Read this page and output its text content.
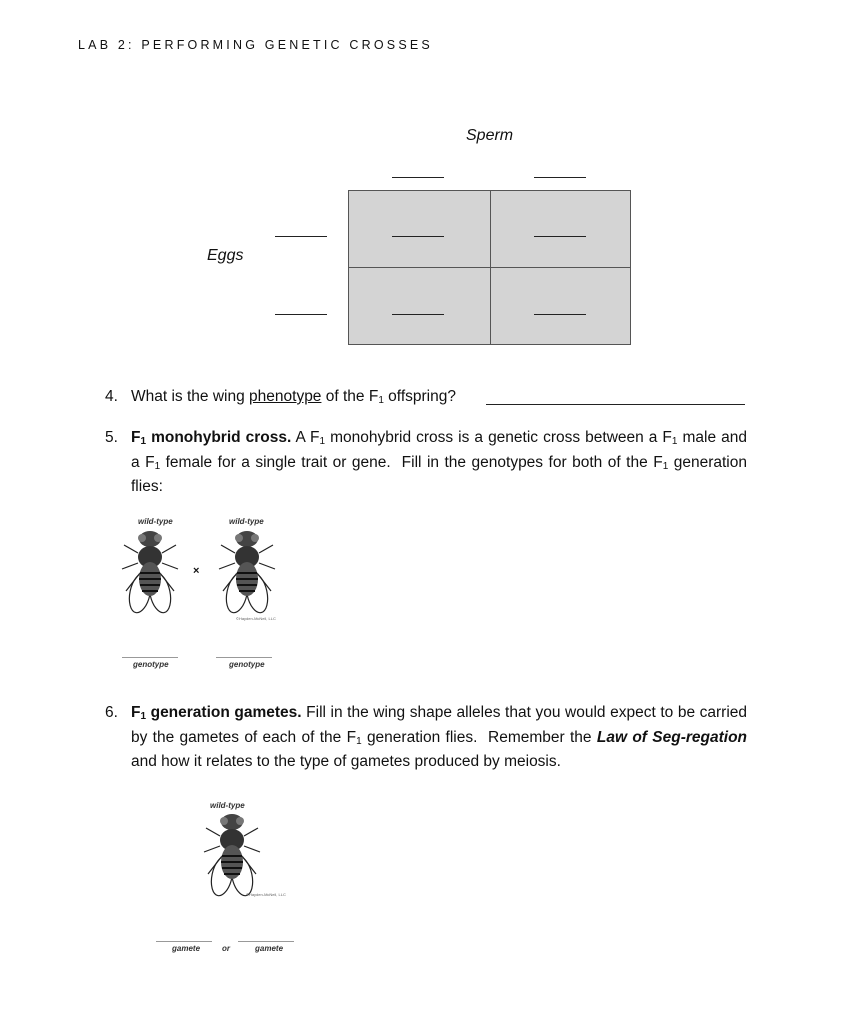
LAB 2: PERFORMING GENETIC CROSSES
Sperm
Eggs
4. What is the wing phenotype of the $F_1$ offspring?
5. $F_1$ monohybrid cross. A $F_1$ monohybrid cross is a genetic cross between a $F_1$ male and a $F_1$ female for a single trait or gene.  Fill in the genotypes for both of the $F_1$ generation flies:
wild-type
×
wild-type
©Hayden-McNeil, LLC
genotype	genotype
6. $F_1$ generation gametes. Fill in the wing shape alleles that you would expect to be carried by the gametes of each of the $F_1$ generation flies.  Remember the Law of Seg-regation and how it relates to the type of gametes produced by meiosis.
wild-type
©Hayden-McNeil, LLC
gamete	or	gamete
